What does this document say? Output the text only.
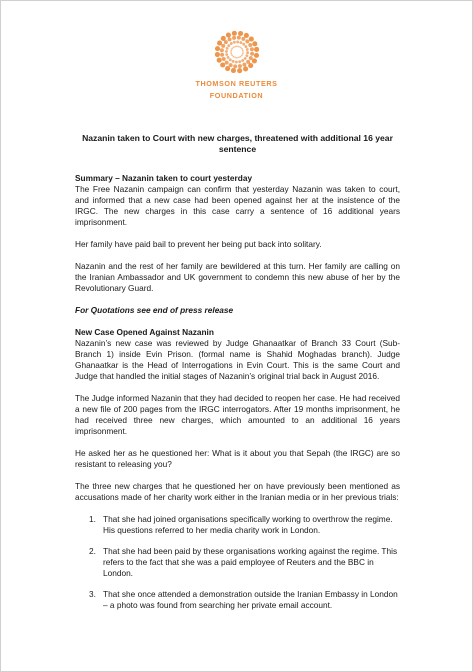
THOMSON REUTERS
FOUNDATION
Nazanin taken to Court with new charges, threatened with additional 16 year sentence
Summary – Nazanin taken to court yesterday

The Free Nazanin campaign can confirm that yesterday Nazanin was taken to court, and informed that a new case had been opened against her at the insistence of the IRGC. The new charges in this case carry a sentence of 16 additional years imprisonment.

Her family have paid bail to prevent her being put back into solitary.

Nazanin and the rest of her family are bewildered at this turn. Her family are calling on the Iranian Ambassador and UK government to condemn this new abuse of her by the Revolutionary Guard.

For Quotations see end of press release

New Case Opened Against Nazanin

Nazanin’s new case was reviewed by Judge Ghanaatkar of Branch 33 Court (Sub-Branch 1) inside Evin Prison. (formal name is Shahid Moghadas branch). Judge Ghanaatkar is the Head of Interrogations in Evin Court. This is the same Court and Judge that handled the initial stages of Nazanin’s original trial back in August 2016.

The Judge informed Nazanin that they had decided to reopen her case. He had received a new file of 200 pages from the IRGC interrogators. After 19 months imprisonment, he had received three new charges, which amounted to an additional 16 years imprisonment.

He asked her as he questioned her: What is it about you that Sepah (the IRGC) are so resistant to releasing you?

The three new charges that he questioned her on have previously been mentioned as accusations made of her charity work either in the Iranian media or in her previous trials:

1. That she had joined organisations specifically working to overthrow the regime. His questions referred to her media charity work in London.
2. That she had been paid by these organisations working against the regime. This refers to the fact that she was a paid employee of Reuters and the BBC in London.
3. That she once attended a demonstration outside the Iranian Embassy in London – a photo was found from searching her private email account.
